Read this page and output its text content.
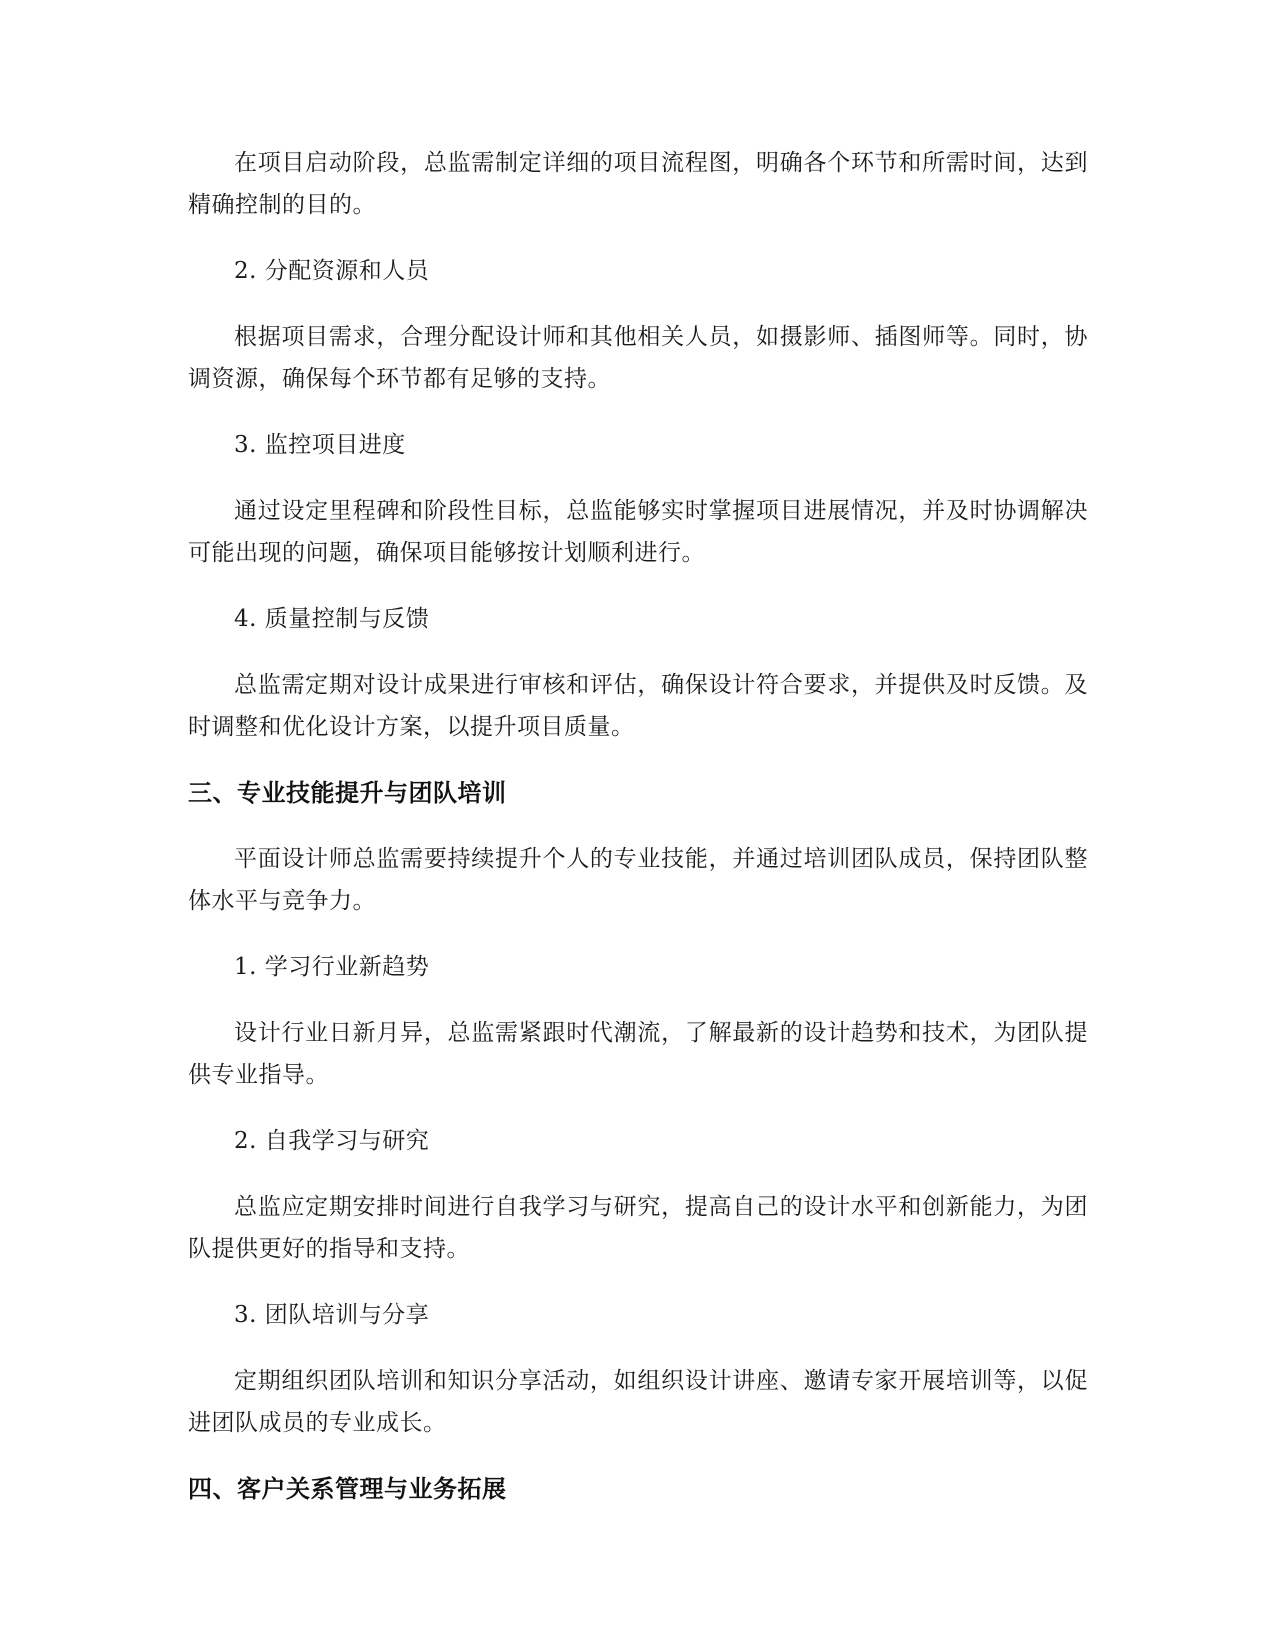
在项目启动阶段，总监需制定详细的项目流程图，明确各个环节和所需时间，达到精确控制的目的。

2. 分配资源和人员

根据项目需求，合理分配设计师和其他相关人员，如摄影师、插图师等。同时，协调资源，确保每个环节都有足够的支持。

3. 监控项目进度

通过设定里程碑和阶段性目标，总监能够实时掌握项目进展情况，并及时协调解决可能出现的问题，确保项目能够按计划顺利进行。

4. 质量控制与反馈

总监需定期对设计成果进行审核和评估，确保设计符合要求，并提供及时反馈。及时调整和优化设计方案，以提升项目质量。

三、专业技能提升与团队培训

平面设计师总监需要持续提升个人的专业技能，并通过培训团队成员，保持团队整体水平与竞争力。

1. 学习行业新趋势

设计行业日新月异，总监需紧跟时代潮流，了解最新的设计趋势和技术，为团队提供专业指导。

2. 自我学习与研究

总监应定期安排时间进行自我学习与研究，提高自己的设计水平和创新能力，为团队提供更好的指导和支持。

3. 团队培训与分享

定期组织团队培训和知识分享活动，如组织设计讲座、邀请专家开展培训等，以促进团队成员的专业成长。

四、客户关系管理与业务拓展
